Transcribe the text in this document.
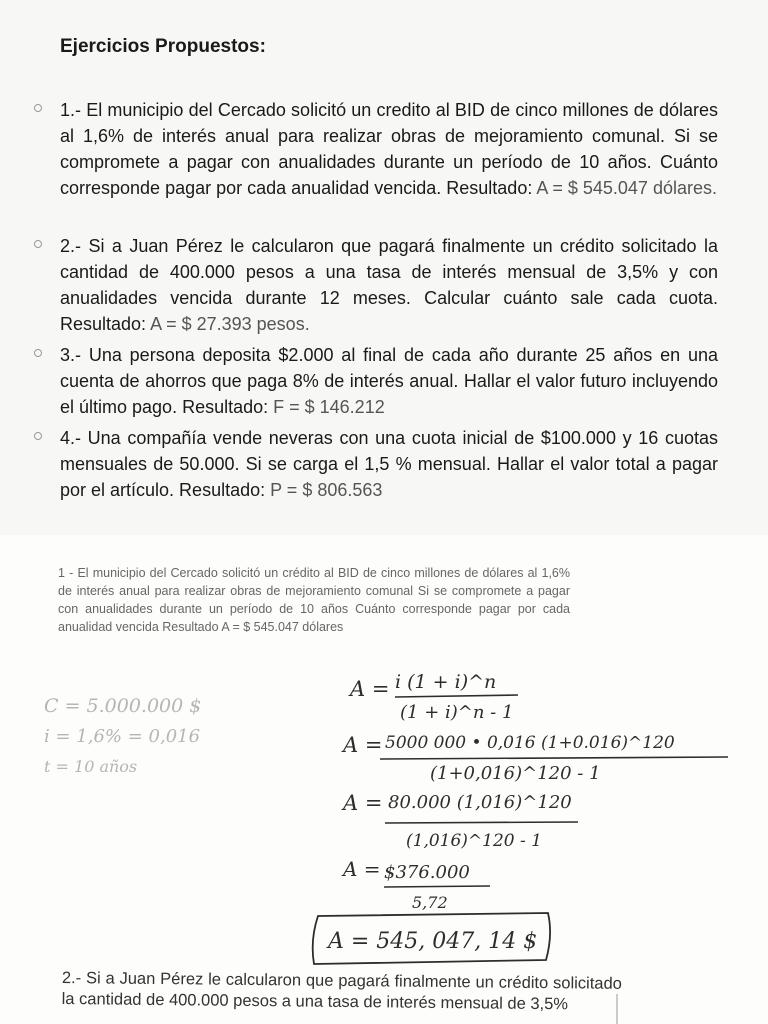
Ejercicios Propuestos:
1.- El municipio del Cercado solicitó un credito al BID de cinco millones de dólares al 1,6% de interés anual para realizar obras de mejoramiento comunal. Si se compromete a pagar con anualidades durante un período de 10 años. Cuánto corresponde pagar por cada anualidad vencida. Resultado: A = $ 545.047 dólares.
2.- Si a Juan Pérez le calcularon que pagará finalmente un crédito solicitado la cantidad de 400.000 pesos a una tasa de interés mensual de 3,5% y con anualidades vencida durante 12 meses. Calcular cuánto sale cada cuota. Resultado: A = $ 27.393 pesos.
3.- Una persona deposita $2.000 al final de cada año durante 25 años en una cuenta de ahorros que paga 8% de interés anual. Hallar el valor futuro incluyendo el último pago. Resultado: F = $ 146.212
4.- Una compañía vende neveras con una cuota inicial de $100.000 y 16 cuotas mensuales de 50.000. Si se carga el 1,5 % mensual. Hallar el valor total a pagar por el artículo. Resultado: P = $ 806.563
1 - El municipio del Cercado solicitó un crédito al BID de cinco millones de dólares al 1,6% de interés anual para realizar obras de mejoramiento comunal Si se compromete a pagar con anualidades durante un período de 10 años Cuánto corresponde pagar por cada anualidad vencida Resultado A = $ 545.047 dólares
C = 5.000.000 $
i = 1,6% = 0,016
t = 10 años
A = i (1 + i)^n
(1 + i)^n - 1
A = 5000 000 • 0,016 (1+0.016)^120
(1+0,016)^120 - 1
A = 80.000 (1,016)^120
(1,016)^120 - 1
A = $376.000
5,72
A = 545, 047, 14 $
2.- Si a Juan Pérez le calcularon que pagará finalmente un crédito solicitado la cantidad de 400.000 pesos a una tasa de interés mensual de 3,5%
